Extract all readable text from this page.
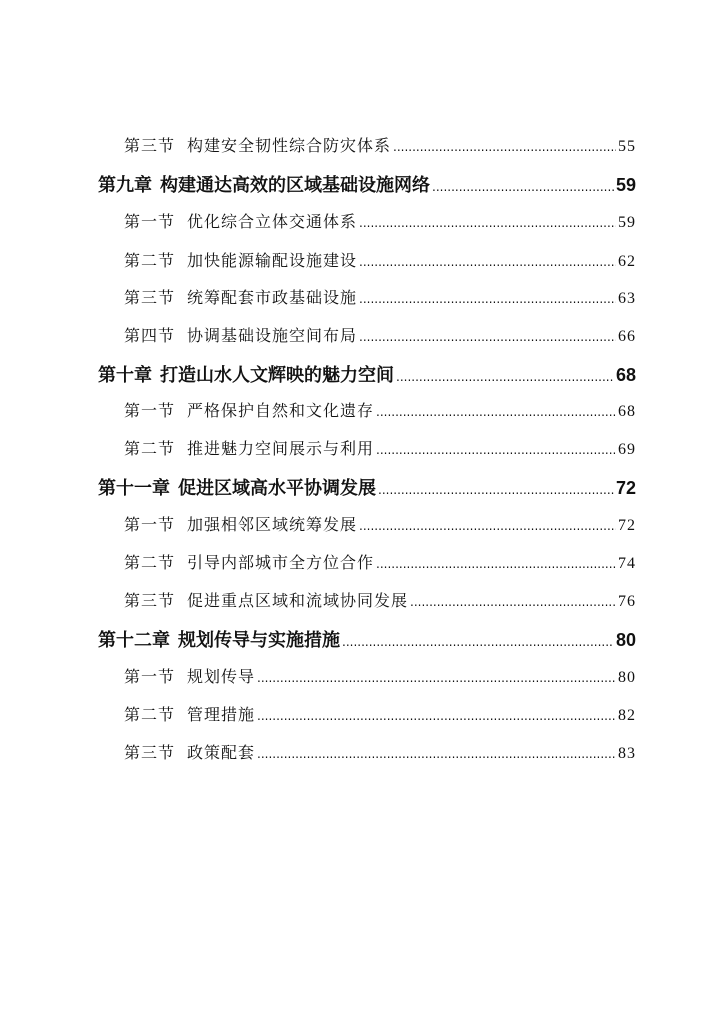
第三节 构建安全韧性综合防灾体系 .....	55
第九章 构建通达高效的区域基础设施网络 .....	59
第一节 优化综合立体交通体系 .....	59
第二节 加快能源输配设施建设 .....	62
第三节 统筹配套市政基础设施 .....	63
第四节 协调基础设施空间布局 .....	66
第十章 打造山水人文辉映的魅力空间 .....	68
第一节 严格保护自然和文化遗存 .....	68
第二节 推进魅力空间展示与利用 .....	69
第十一章 促进区域高水平协调发展 .....	72
第一节 加强相邻区域统筹发展 .....	72
第二节 引导内部城市全方位合作 .....	74
第三节 促进重点区域和流域协同发展 .....	76
第十二章 规划传导与实施措施 .....	80
第一节 规划传导 .....	80
第二节 管理措施 .....	82
第三节 政策配套 .....	83
